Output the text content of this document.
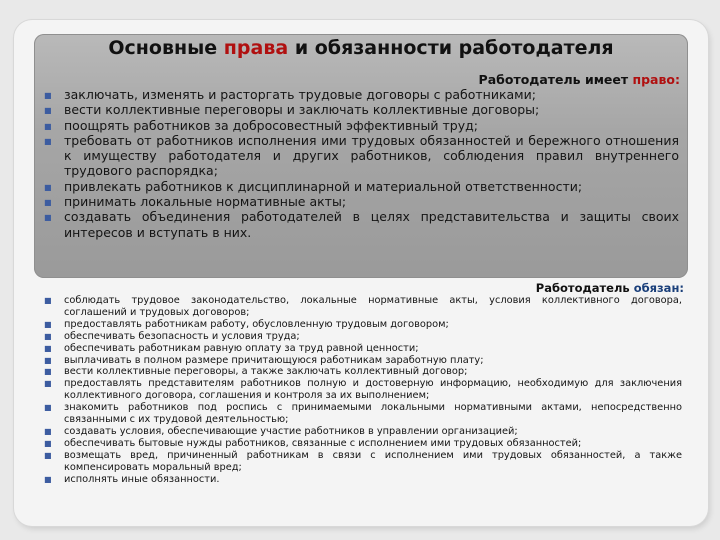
Основные права и обязанности работодателя

Работодатель имеет право:

■ заключать, изменять и расторгать трудовые договоры с работниками;
■ вести коллективные переговоры и заключать коллективные договоры;
■ поощрять работников за добросовестный эффективный труд;
■ требовать от работников исполнения ими трудовых обязанностей и бережного отношения к имуществу работодателя и других работников, соблюдения правил внутреннего трудового распорядка;
■ привлекать работников к дисциплинарной и материальной ответственности;
■ принимать локальные нормативные акты;
■ создавать объединения работодателей в целях представительства и защиты своих интересов и вступать в них.

Работодатель обязан:

■ соблюдать трудовое законодательство, локальные нормативные акты, условия коллективного договора, соглашений и трудовых договоров;
■ предоставлять работникам работу, обусловленную трудовым договором;
■ обеспечивать безопасность и условия труда;
■ обеспечивать работникам равную оплату за труд равной ценности;
■ выплачивать в полном размере причитающуюся работникам заработную плату;
■ вести коллективные переговоры, а также заключать коллективный договор;
■ предоставлять представителям работников полную и достоверную информацию, необходимую для заключения коллективного договора, соглашения и контроля за их выполнением;
■ знакомить работников под роспись с принимаемыми локальными нормативными актами, непосредственно связанными с их трудовой деятельностью;
■ создавать условия, обеспечивающие участие работников в управлении организацией;
■ обеспечивать бытовые нужды работников, связанные с исполнением ими трудовых обязанностей;
■ возмещать вред, причиненный работникам в связи с исполнением ими трудовых обязанностей, а также компенсировать моральный вред;
■ исполнять иные обязанности.
